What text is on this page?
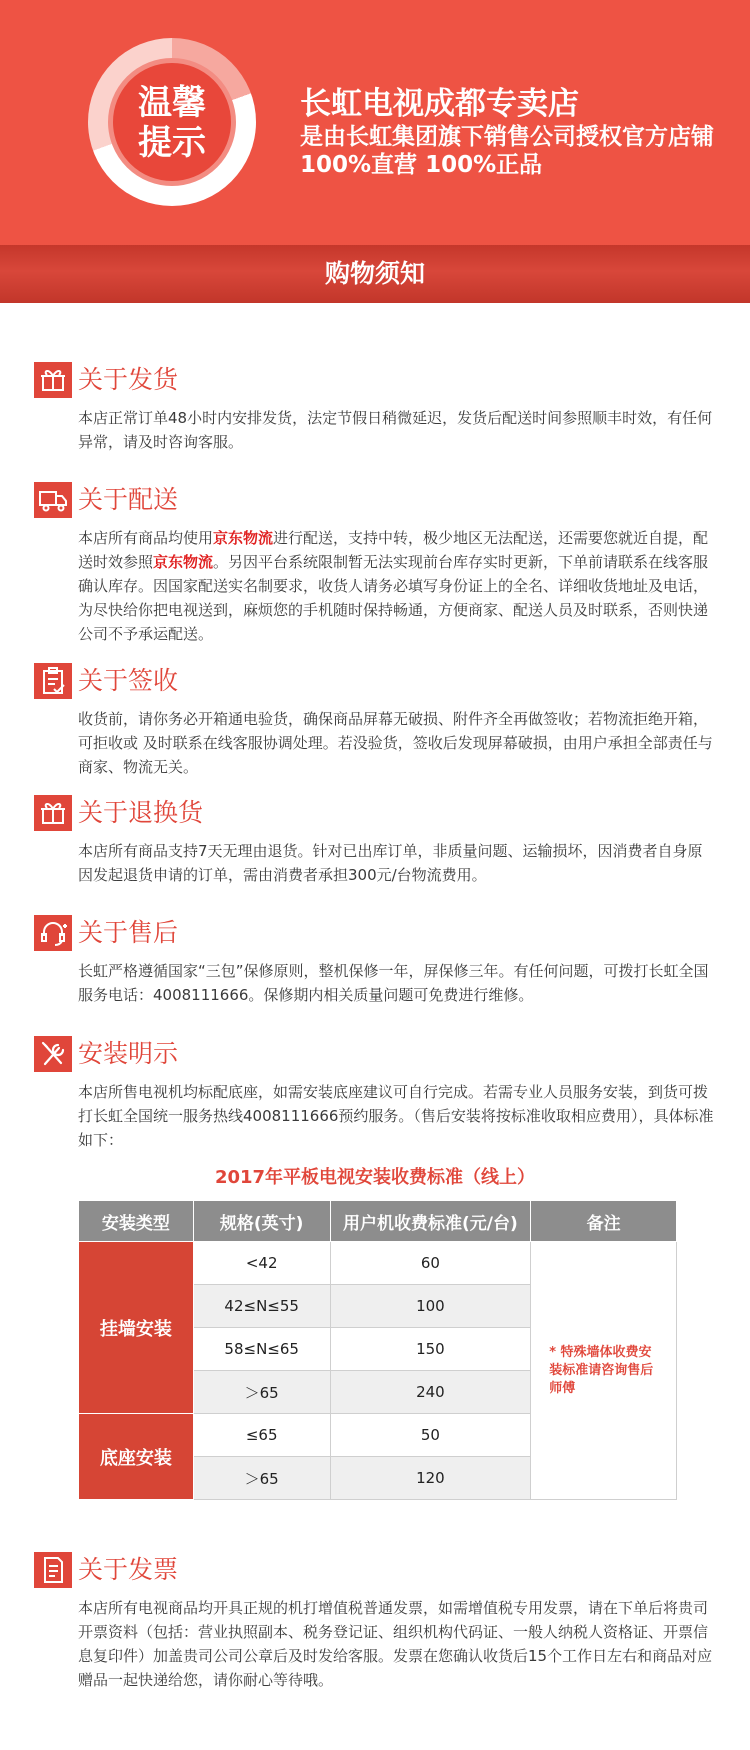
温馨
提示
长虹电视成都专卖店
是由长虹集团旗下销售公司授权官方店铺
100%直营 100%正品
购物须知
关于发货
本店正常订单48小时内安排发货，法定节假日稍微延迟，发货后配送时间参照顺丰时效，有任何异常，请及时咨询客服。
关于配送
本店所有商品均使用京东物流进行配送，支持中转，极少地区无法配送，还需要您就近自提，配送时效参照京东物流。另因平台系统限制暂无法实现前台库存实时更新，下单前请联系在线客服确认库存。因国家配送实名制要求，收货人请务必填写身份证上的全名、详细收货地址及电话，为尽快给你把电视送到，麻烦您的手机随时保持畅通，方便商家、配送人员及时联系，否则快递公司不予承运配送。
关于签收
收货前，请你务必开箱通电验货，确保商品屏幕无破损、附件齐全再做签收；若物流拒绝开箱，可拒收或 及时联系在线客服协调处理。若没验货，签收后发现屏幕破损，由用户承担全部责任与商家、物流无关。
关于退换货
本店所有商品支持7天无理由退货。针对已出库订单，非质量问题、运输损坏，因消费者自身原因发起退货申请的订单，需由消费者承担300元/台物流费用。
关于售后
长虹严格遵循国家“三包”保修原则，整机保修一年，屏保修三年。有任何问题，可拨打长虹全国服务电话：4008111666。保修期内相关质量问题可免费进行维修。
安装明示
本店所售电视机均标配底座，如需安装底座建议可自行完成。若需专业人员服务安装，到货可拨打长虹全国统一服务热线4008111666预约服务。（售后安装将按标准收取相应费用），具体标准如下：
2017年平板电视安装收费标准（线上）
安装类型	规格(英寸)	用户机收费标准(元/台)	备注
挂墙安装	<42	60	* 特殊墙体收费安装标准请咨询售后师傅
	42≤N≤55	100	
	58≤N≤65	150	
	＞65	240	
底座安装	≤65	50	
	＞65	120	
关于发票
本店所有电视商品均开具正规的机打增值税普通发票，如需增值税专用发票，请在下单后将贵司开票资料（包括：营业执照副本、税务登记证、组织机构代码证、一般人纳税人资格证、开票信息复印件）加盖贵司公司公章后及时发给客服。发票在您确认收货后15个工作日左右和商品对应赠品一起快递给您，请你耐心等待哦。
